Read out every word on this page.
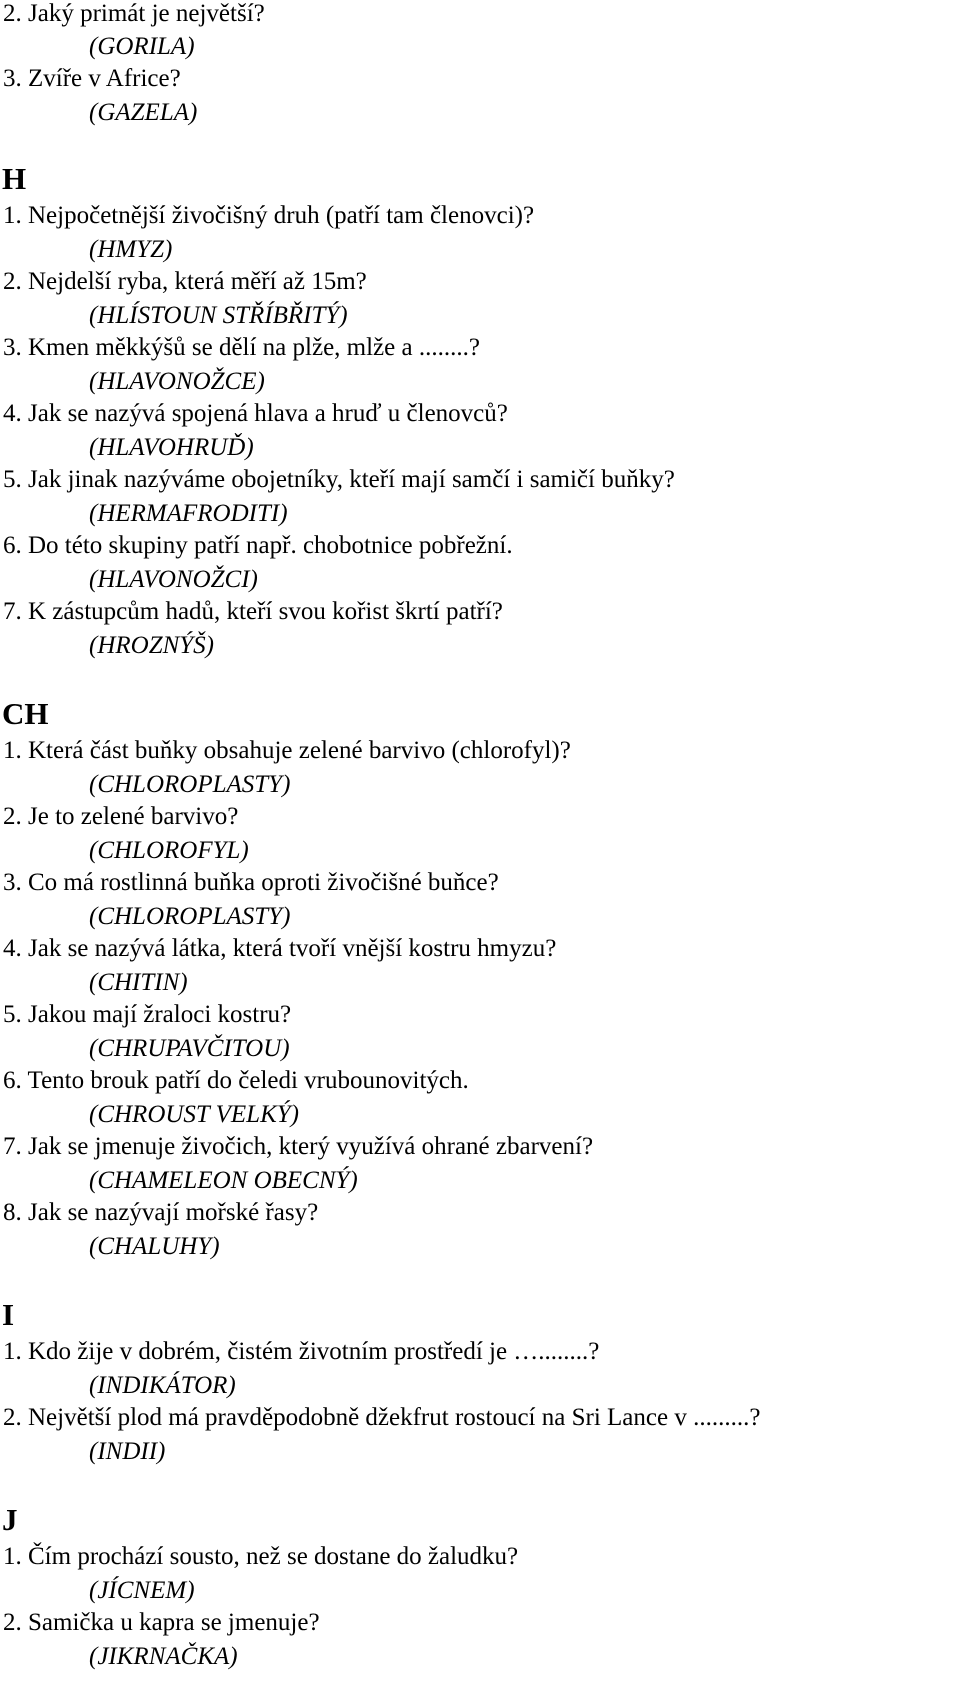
2. Jaký primát je největší?

(GORILA)

3. Zvíře v Africe?

(GAZELA)

H

1. Nejpočetnější živočišný druh (patří tam členovci)?

(HMYZ)

2. Nejdelší ryba, která měří až 15m?

(HLÍSTOUN STŘÍBŘITÝ)

3. Kmen měkkýšů se dělí na plže, mlže a ........?

(HLAVONOŽCE)

4. Jak se nazývá spojená hlava a hruď u členovců?

(HLAVOHRUĎ)

5. Jak jinak nazýváme obojetníky, kteří mají samčí i samičí buňky?

(HERMAFRODITI)

6. Do této skupiny patří např. chobotnice pobřežní.

(HLAVONOŽCI)

7. K zástupcům hadů, kteří svou kořist škrtí patří?

(HROZNÝŠ)

CH

1. Která část buňky obsahuje zelené barvivo (chlorofyl)?

(CHLOROPLASTY)

2. Je to zelené barvivo?

(CHLOROFYL)

3. Co má rostlinná buňka oproti živočišné buňce?

(CHLOROPLASTY)

4. Jak se nazývá látka, která tvoří vnější kostru hmyzu?

(CHITIN)

5. Jakou mají žraloci kostru?

(CHRUPAVČITOU)

6. Tento brouk patří do čeledi vrubounovitých.

(CHROUST VELKÝ)

7. Jak se jmenuje živočich, který využívá ohrané zbarvení?

(CHAMELEON OBECNÝ)

8. Jak se nazývají mořské řasy?

(CHALUHY)

I

1. Kdo žije v dobrém, čistém životním prostředí je …........?

(INDIKÁTOR)

2. Největší plod má pravděpodobně džekfrut rostoucí na Sri Lance v .........?

(INDII)

J

1. Čím prochází sousto, než se dostane do žaludku?

(JÍCNEM)

2. Samička u kapra se jmenuje?

(JIKRNAČKA)
